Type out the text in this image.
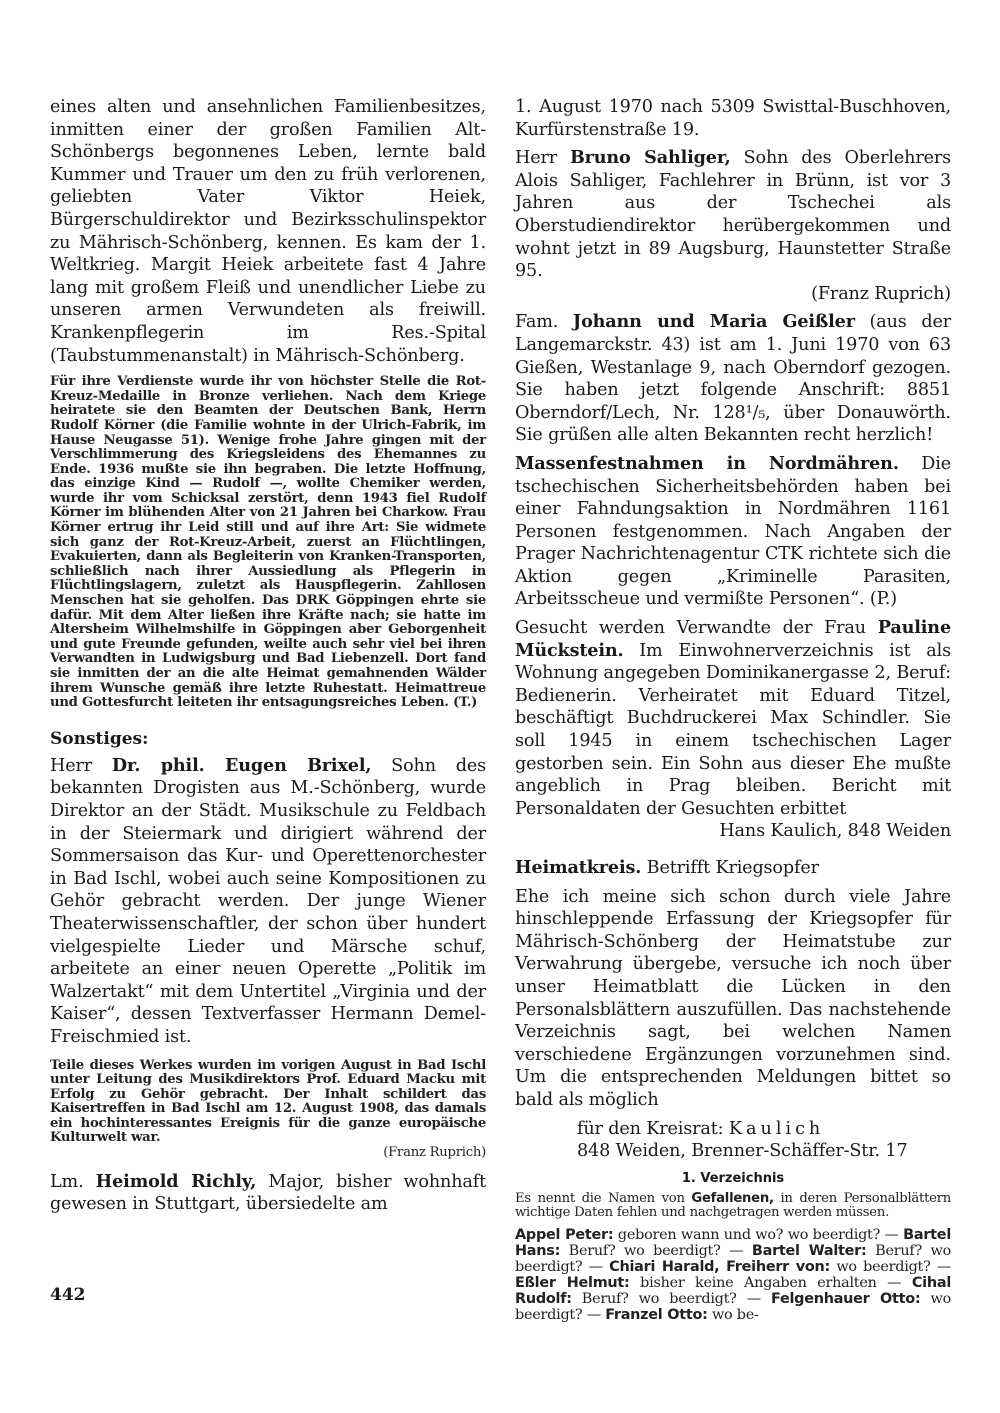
eines alten und ansehnlichen Familienbesitzes, inmitten einer der großen Familien Alt-Schönbergs begonnenes Leben, lernte bald Kummer und Trauer um den zu früh verlorenen, geliebten Vater Viktor Heiek, Bürgerschuldirektor und Bezirksschulinspektor zu Mährisch-Schönberg, kennen. Es kam der 1. Weltkrieg. Margit Heiek arbeitete fast 4 Jahre lang mit großem Fleiß und unendlicher Liebe zu unseren armen Verwundeten als freiwill. Krankenpflegerin im Res.-Spital (Taubstummenanstalt) in Mährisch-Schönberg.

Für ihre Verdienste wurde ihr von höchster Stelle die Rot-Kreuz-Medaille in Bronze verliehen. Nach dem Kriege heiratete sie den Beamten der Deutschen Bank, Herrn Rudolf Körner (die Familie wohnte in der Ulrich-Fabrik, im Hause Neugasse 51). Wenige frohe Jahre gingen mit der Verschlimmerung des Kriegsleidens des Ehemannes zu Ende. 1936 mußte sie ihn begraben. Die letzte Hoffnung, das einzige Kind — Rudolf —, wollte Chemiker werden, wurde ihr vom Schicksal zerstört, denn 1943 fiel Rudolf Körner im blühenden Alter von 21 Jahren bei Charkow. Frau Körner ertrug ihr Leid still und auf ihre Art: Sie widmete sich ganz der Rot-Kreuz-Arbeit, zuerst an Flüchtlingen, Evakuierten, dann als Begleiterin von Kranken-Transporten, schließlich nach ihrer Aussiedlung als Pflegerin in Flüchtlingslagern, zuletzt als Hauspflegerin. Zahllosen Menschen hat sie geholfen. Das DRK Göppingen ehrte sie dafür. Mit dem Alter ließen ihre Kräfte nach; sie hatte im Altersheim Wilhelmshilfe in Göppingen aber Geborgenheit und gute Freunde gefunden, weilte auch sehr viel bei ihren Verwandten in Ludwigsburg und Bad Liebenzell. Dort fand sie inmitten der an die alte Heimat gemahnenden Wälder ihrem Wunsche gemäß ihre letzte Ruhestatt. Heimattreue und Gottesfurcht leiteten ihr entsagungsreiches Leben. (T.)

Sonstiges:

Herr Dr. phil. Eugen Brixel, Sohn des bekannten Drogisten aus M.-Schönberg, wurde Direktor an der Städt. Musikschule zu Feldbach in der Steiermark und dirigiert während der Sommersaison das Kur- und Operettenorchester in Bad Ischl, wobei auch seine Kompositionen zu Gehör gebracht werden. Der junge Wiener Theaterwissenschaftler, der schon über hundert vielgespielte Lieder und Märsche schuf, arbeitete an einer neuen Operette „Politik im Walzertakt“ mit dem Untertitel „Virginia und der Kaiser“, dessen Textverfasser Hermann Demel-Freischmied ist.

Teile dieses Werkes wurden im vorigen August in Bad Ischl unter Leitung des Musikdirektors Prof. Eduard Macku mit Erfolg zu Gehör gebracht. Der Inhalt schildert das Kaisertreffen in Bad Ischl am 12. August 1908, das damals ein hochinteressantes Ereignis für die ganze europäische Kulturwelt war.

(Franz Ruprich)

Lm. Heimold Richly, Major, bisher wohnhaft gewesen in Stuttgart, übersiedelte am

442

1. August 1970 nach 5309 Swisttal-Buschhoven, Kurfürstenstraße 19.

Herr Bruno Sahliger, Sohn des Oberlehrers Alois Sahliger, Fachlehrer in Brünn, ist vor 3 Jahren aus der Tschechei als Oberstudiendirektor herübergekommen und wohnt jetzt in 89 Augsburg, Haunstetter Straße 95.

(Franz Ruprich)

Fam. Johann und Maria Geißler (aus der Langemarckstr. 43) ist am 1. Juni 1970 von 63 Gießen, Westanlage 9, nach Oberndorf gezogen. Sie haben jetzt folgende Anschrift: 8851 Oberndorf/Lech, Nr. 128¹/₅, über Donauwörth. Sie grüßen alle alten Bekannten recht herzlich!

Massenfestnahmen in Nordmähren. Die tschechischen Sicherheitsbehörden haben bei einer Fahndungsaktion in Nordmähren 1161 Personen festgenommen. Nach Angaben der Prager Nachrichtenagentur CTK richtete sich die Aktion gegen „Kriminelle Parasiten, Arbeitsscheue und vermißte Personen“. (P.)

Gesucht werden Verwandte der Frau Pauline Mückstein. Im Einwohnerverzeichnis ist als Wohnung angegeben Dominikanergasse 2, Beruf: Bedienerin. Verheiratet mit Eduard Titzel, beschäftigt Buchdruckerei Max Schindler. Sie soll 1945 in einem tschechischen Lager gestorben sein. Ein Sohn aus dieser Ehe mußte angeblich in Prag bleiben. Bericht mit Personaldaten der Gesuchten erbittet

Hans Kaulich, 848 Weiden

Heimatkreis. Betrifft Kriegsopfer

Ehe ich meine sich schon durch viele Jahre hinschleppende Erfassung der Kriegsopfer für Mährisch-Schönberg der Heimatstube zur Verwahrung übergebe, versuche ich noch über unser Heimatblatt die Lücken in den Personalsblättern auszufüllen. Das nachstehende Verzeichnis sagt, bei welchen Namen verschiedene Ergänzungen vorzunehmen sind. Um die entsprechenden Meldungen bittet so bald als möglich

für den Kreisrat: Kaulich

848 Weiden, Brenner-Schäffer-Str. 17

1. Verzeichnis

Es nennt die Namen von Gefallenen, in deren Personalblättern wichtige Daten fehlen und nachgetragen werden müssen.

Appel Peter: geboren wann und wo? wo beerdigt? — Bartel Hans: Beruf? wo beerdigt? — Bartel Walter: Beruf? wo beerdigt? — Chiari Harald, Freiherr von: wo beerdigt? — Eßler Helmut: bisher keine Angaben erhalten — Cihal Rudolf: Beruf? wo beerdigt? — Felgenhauer Otto: wo beerdigt? — Franzel Otto: wo be-
